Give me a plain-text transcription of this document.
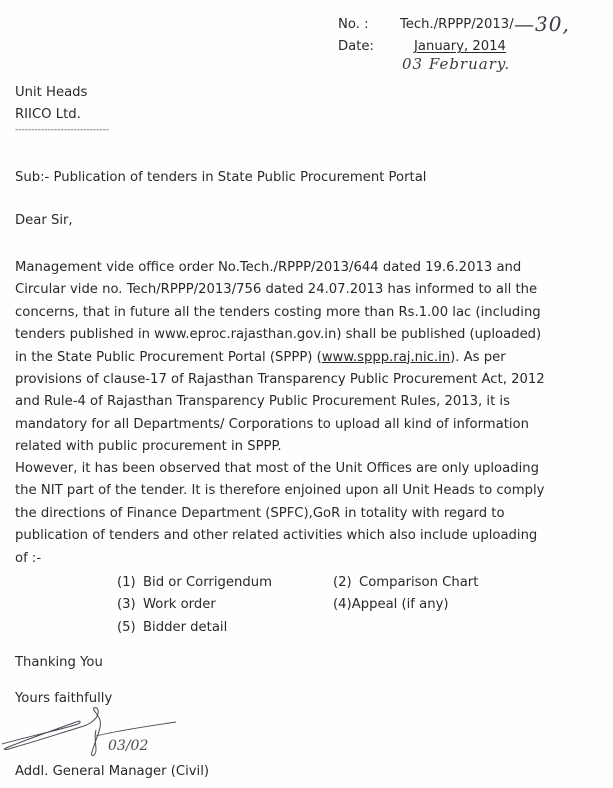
No. : Tech./RPPP/2013/
Date:	January, 2014
—30,
03 February.
Unit Heads
RIICO Ltd.
-----------------------------
Sub:- Publication of tenders in State Public Procurement Portal
Dear Sir,
Management vide office order No.Tech./RPPP/2013/644 dated 19.6.2013 and
Circular vide no. Tech/RPPP/2013/756 dated 24.07.2013 has informed to all the
concerns, that in future all the tenders costing more than Rs.1.00 lac (including
tenders published in www.eproc.rajasthan.gov.in) shall be published (uploaded)
in the State Public Procurement Portal (SPPP) (www.sppp.raj.nic.in). As per
provisions of clause-17 of Rajasthan Transparency Public Procurement Act, 2012
and Rule-4 of Rajasthan Transparency Public Procurement Rules, 2013, it is
mandatory for all Departments/ Corporations to upload all kind of information
related with public procurement in SPPP.
However, it has been observed that most of the Unit Offices are only uploading
the NIT part of the tender. It is therefore enjoined upon all Unit Heads to comply
the directions of Finance Department (SPFC),GoR in totality with regard to
publication of tenders and other related activities which also include uploading
of :-
(1) Bid or Corrigendum	(2) Comparison Chart
(3) Work order	(4)Appeal (if any)
(5) Bidder detail
Thanking You
Yours faithfully
03/02
Addl. General Manager (Civil)
